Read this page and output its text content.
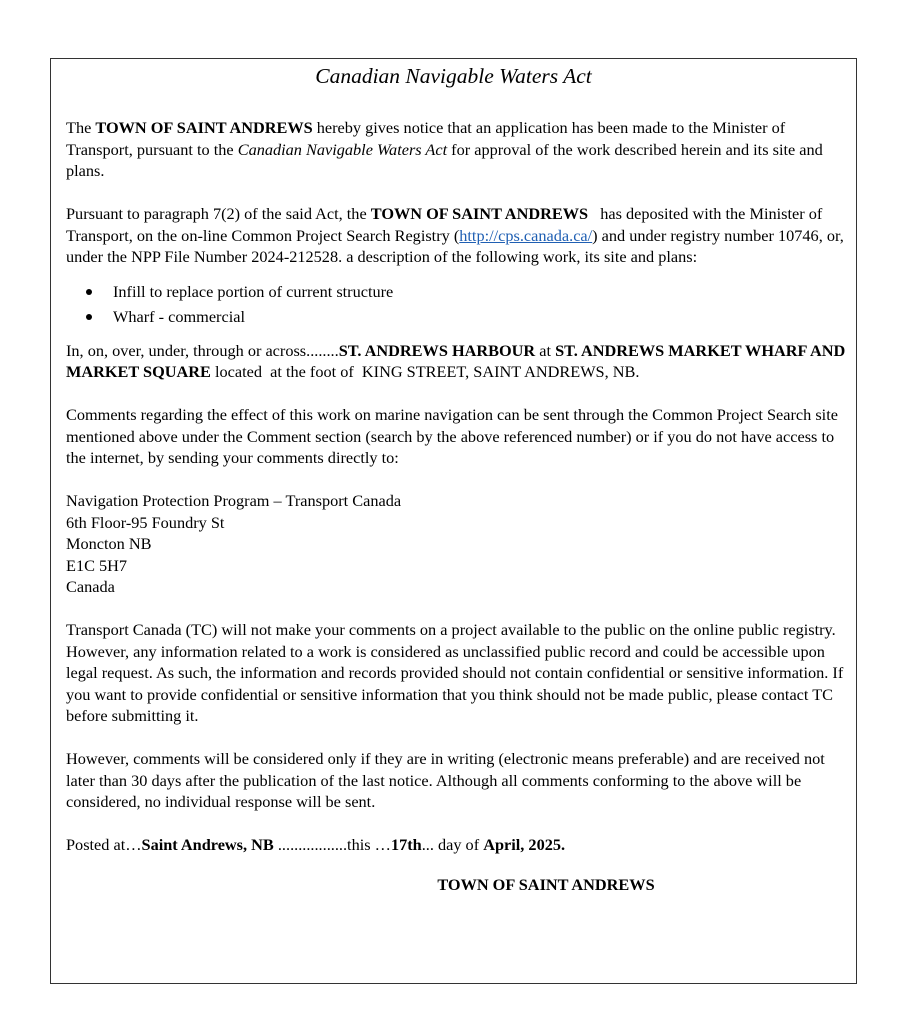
Canadian Navigable Waters Act

The TOWN OF SAINT ANDREWS hereby gives notice that an application has been made to the Minister of Transport, pursuant to the Canadian Navigable Waters Act for approval of the work described herein and its site and plans.

Pursuant to paragraph 7(2) of the said Act, the TOWN OF SAINT ANDREWS   has deposited with the Minister of Transport, on the on-line Common Project Search Registry (http://cps.canada.ca/) and under registry number 10746, or, under the NPP File Number 2024-212528. a description of the following work, its site and plans:

Infill to replace portion of current structure
Wharf - commercial

In, on, over, under, through or across........ST. ANDREWS HARBOUR at ST. ANDREWS MARKET WHARF AND MARKET SQUARE located  at the foot of  KING STREET, SAINT ANDREWS, NB.

Comments regarding the effect of this work on marine navigation can be sent through the Common Project Search site mentioned above under the Comment section (search by the above referenced number) or if you do not have access to the internet, by sending your comments directly to:

Navigation Protection Program – Transport Canada
6th Floor-95 Foundry St
Moncton NB
E1C 5H7
Canada

Transport Canada (TC) will not make your comments on a project available to the public on the online public registry. However, any information related to a work is considered as unclassified public record and could be accessible upon legal request. As such, the information and records provided should not contain confidential or sensitive information. If you want to provide confidential or sensitive information that you think should not be made public, please contact TC before submitting it.

However, comments will be considered only if they are in writing (electronic means preferable) and are received not later than 30 days after the publication of the last notice. Although all comments conforming to the above will be considered, no individual response will be sent.

Posted at…Saint Andrews, NB .................this …17th... day of April, 2025.

TOWN OF SAINT ANDREWS
